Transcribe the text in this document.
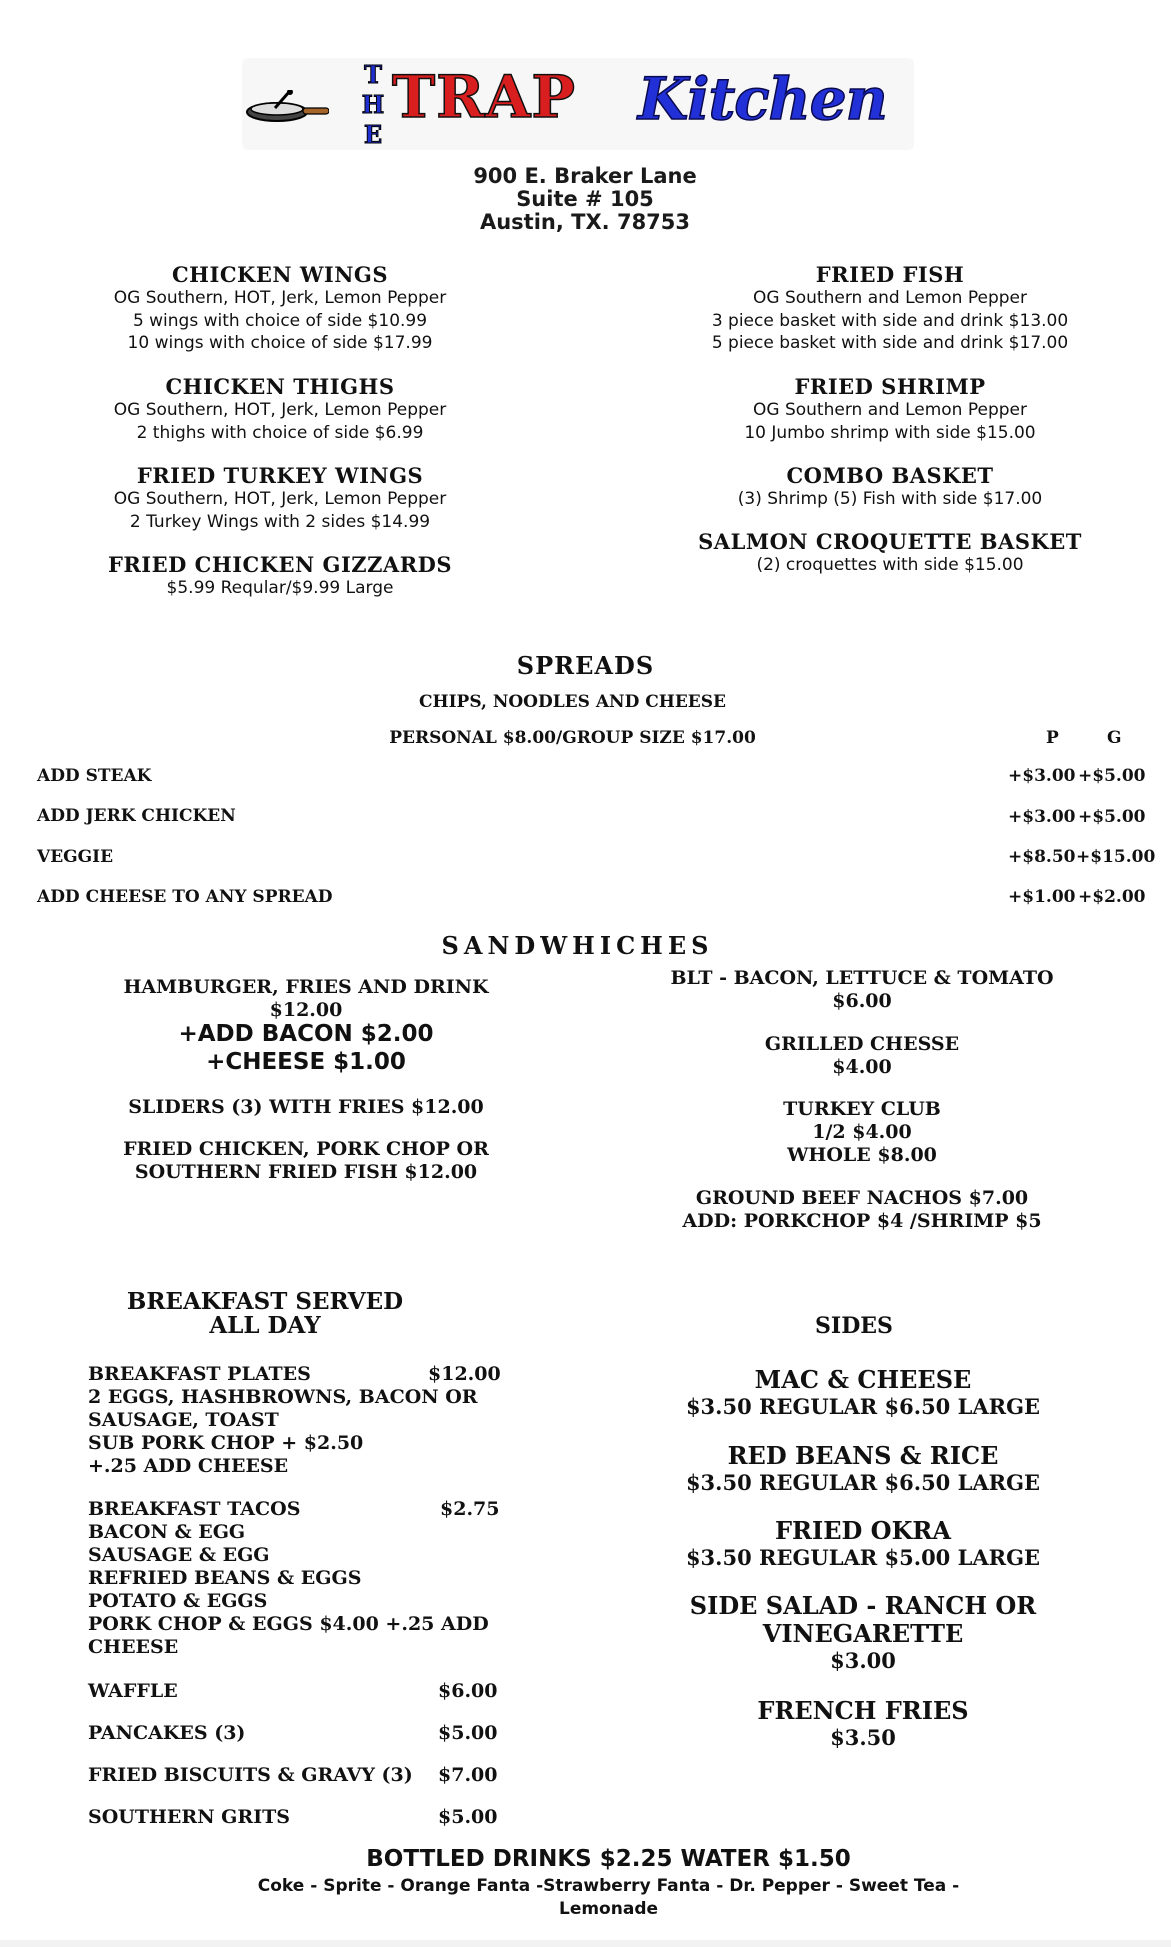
T
H
E
TRAP Kitchen
900 E. Braker Lane
Suite # 105
Austin, TX. 78753
CHICKEN WINGS
OG Southern, HOT, Jerk, Lemon Pepper
5 wings with choice of side $10.99
10 wings with choice of side $17.99
CHICKEN THIGHS
OG Southern, HOT, Jerk, Lemon Pepper
2 thighs with choice of side $6.99
FRIED TURKEY WINGS
OG Southern, HOT, Jerk, Lemon Pepper
2 Turkey Wings with 2 sides $14.99
FRIED CHICKEN GIZZARDS
$5.99 Reqular/$9.99 Large
FRIED FISH
OG Southern and Lemon Pepper
3 piece basket with side and drink $13.00
5 piece basket with side and drink $17.00
FRIED SHRIMP
OG Southern and Lemon Pepper
10 Jumbo shrimp with side $15.00
COMBO BASKET
(3) Shrimp (5) Fish with side $17.00
SALMON CROQUETTE BASKET
(2) croquettes with side $15.00
SPREADS
CHIPS, NOODLES AND CHEESE
PERSONAL $8.00/GROUP SIZE $17.00	P	G
ADD STEAK	+$3.00 +$5.00
ADD JERK CHICKEN	+$3.00 +$5.00
VEGGIE	+$8.50 +$15.00
ADD CHEESE TO ANY SPREAD	+$1.00 +$2.00
SANDWHICHES
HAMBURGER, FRIES AND DRINK
$12.00
+ADD BACON $2.00
+CHEESE $1.00
SLIDERS (3) WITH FRIES $12.00
FRIED CHICKEN, PORK CHOP OR
SOUTHERN FRIED FISH $12.00
BLT - BACON, LETTUCE & TOMATO
$6.00
GRILLED CHESSE
$4.00
TURKEY CLUB
1/2 $4.00
WHOLE $8.00
GROUND BEEF NACHOS $7.00
ADD: PORKCHOP $4 /SHRIMP $5
BREAKFAST SERVED
ALL DAY
BREAKFAST PLATES	$12.00
2 EGGS, HASHBROWNS, BACON OR
SAUSAGE, TOAST
SUB PORK CHOP + $2.50
+.25 ADD CHEESE
BREAKFAST TACOS	$2.75
BACON & EGG
SAUSAGE & EGG
REFRIED BEANS & EGGS
POTATO & EGGS
PORK CHOP & EGGS $4.00 +.25 ADD
CHEESE
WAFFLE	$6.00
PANCAKES (3)	$5.00
FRIED BISCUITS & GRAVY (3) $7.00
SOUTHERN GRITS	$5.00
SIDES
MAC & CHEESE
$3.50 REGULAR $6.50 LARGE
RED BEANS & RICE
$3.50 REGULAR $6.50 LARGE
FRIED OKRA
$3.50 REGULAR $5.00 LARGE
SIDE SALAD - RANCH OR
VINEGARETTE
$3.00
FRENCH FRIES
$3.50
BOTTLED DRINKS $2.25 WATER $1.50
Coke - Sprite - Orange Fanta -Strawberry Fanta - Dr. Pepper - Sweet Tea -
Lemonade
